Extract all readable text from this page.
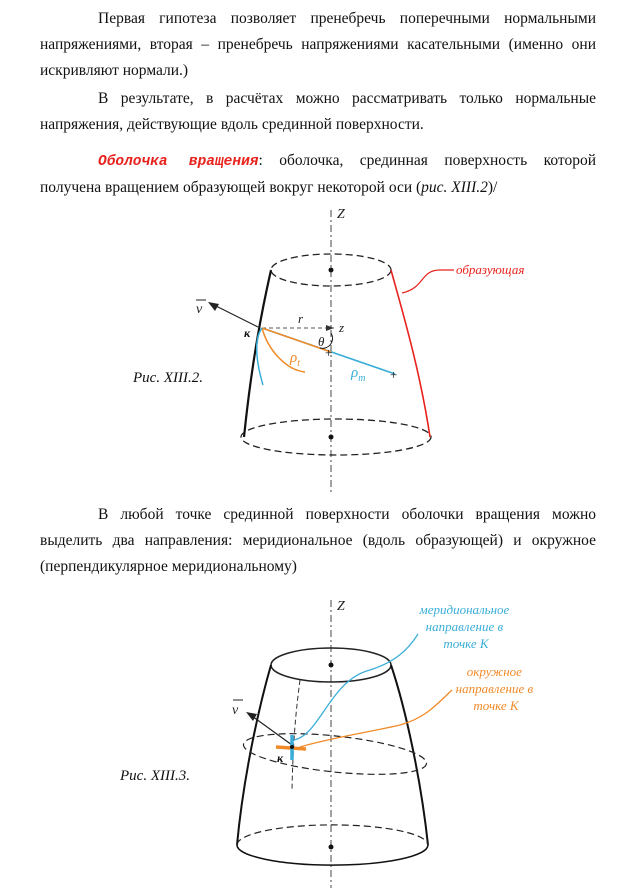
Первая гипотеза позволяет пренебречь поперечными нормальными напряжениями, вторая – пренебречь напряжениями касательными (именно они искривляют нормали.)
В результате, в расчётах можно рассматривать только нормальные напряжения, действующие вдоль срединной поверхности.
Оболочка вращения: оболочка, срединная поверхность которой получена вращением образующей вокруг некоторой оси (рис. XIII.2)/
Рис. XIII.2.
Z
образующая
v
к
r
z
+
+
θ
$\rho_t$
$\rho_m$
В любой точке срединной поверхности оболочки вращения можно выделить два направления: меридиональное (вдоль образующей) и окружное (перпендикулярное меридиональному)
Рис. XIII.3.
Z
v
к
меридиональное направление в точке К
окружное направление в точке К
